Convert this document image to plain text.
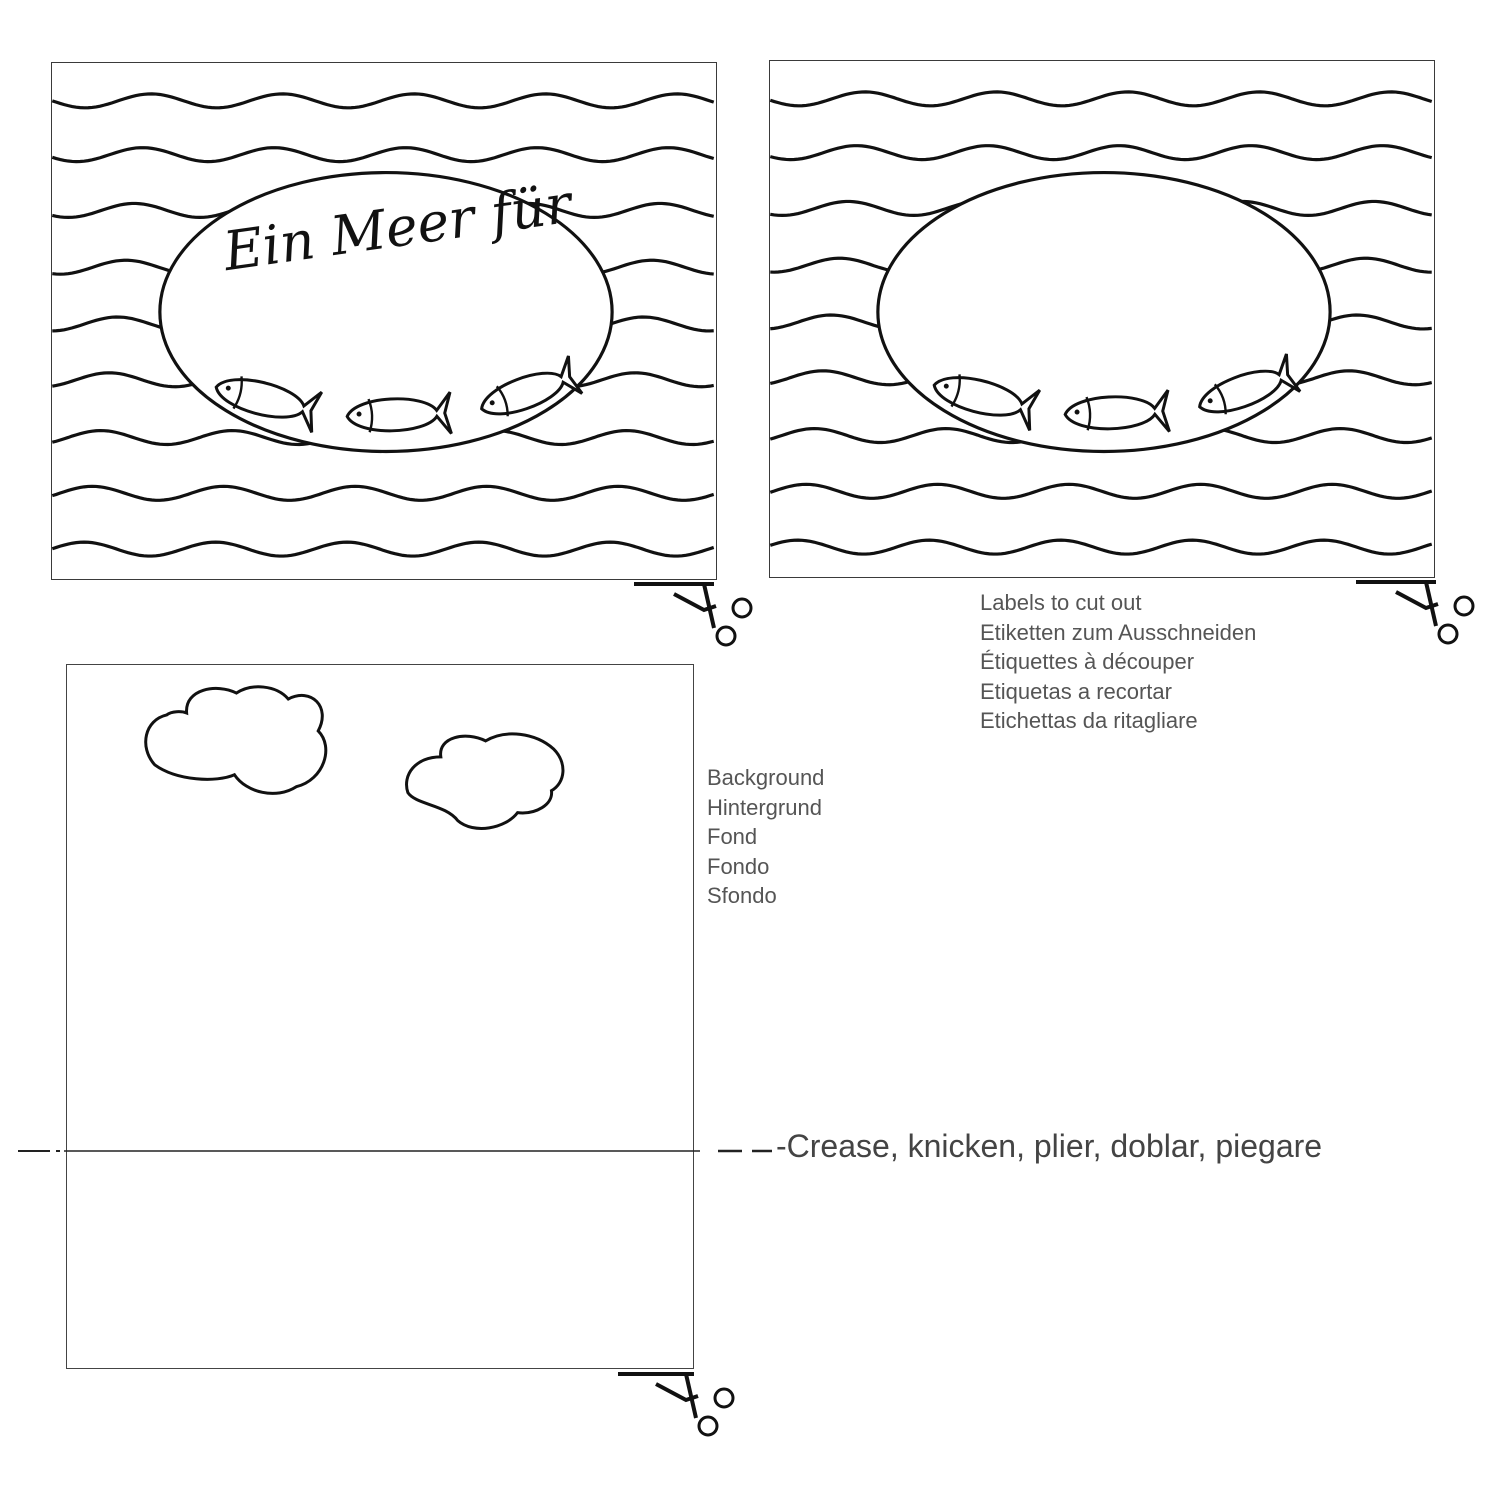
Ein Meer für
Labels to cut out
Etiketten zum Ausschneiden
Étiquettes à découper
Etiquetas a recortar
Etichettas da ritagliare
Background
Hintergrund
Fond
Fondo
Sfondo
-Crease, knicken, plier, doblar, piegare
